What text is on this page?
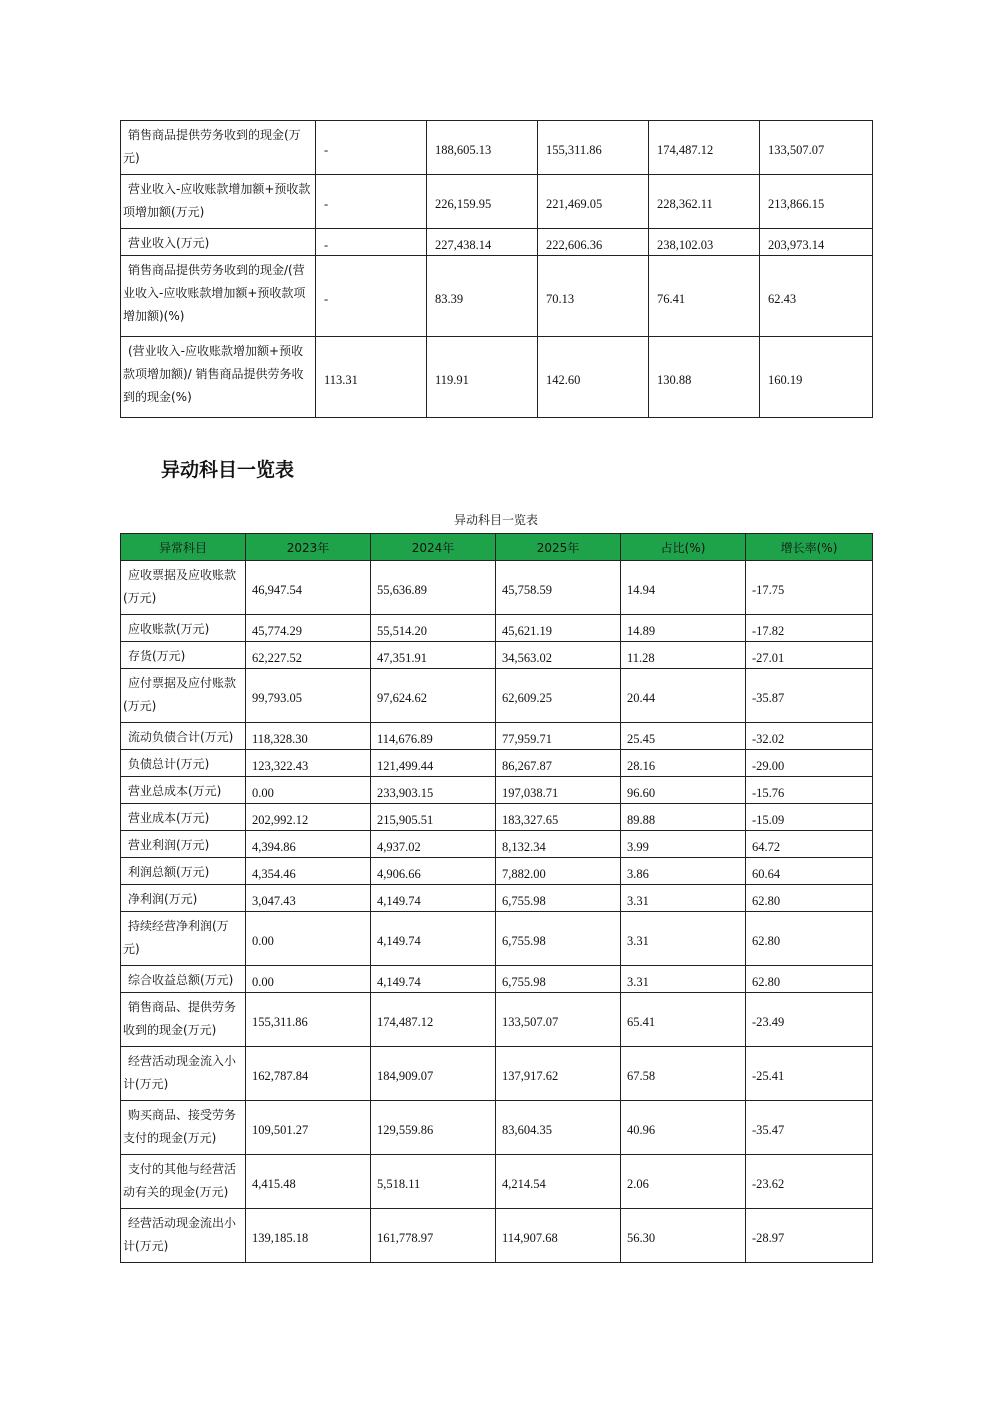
销售商品提供劳务收到的现金(万元)	-	188,605.13	155,311.86	174,487.12	133,507.07
营业收入-应收账款增加额+预收款项增加额(万元)	-	226,159.95	221,469.05	228,362.11	213,866.15
营业收入(万元)	-	227,438.14	222,606.36	238,102.03	203,973.14
销售商品提供劳务收到的现金/(营业收入-应收账款增加额+预收款项增加额)(%)	-	83.39	70.13	76.41	62.43
(营业收入-应收账款增加额+预收款项增加额)/ 销售商品提供劳务收到的现金(%)	113.31	119.91	142.60	130.88	160.19
异动科目一览表
异动科目一览表
异常科目	2023年	2024年	2025年	占比(%)	增长率(%)
应收票据及应收账款(万元)	46,947.54	55,636.89	45,758.59	14.94	-17.75
应收账款(万元)	45,774.29	55,514.20	45,621.19	14.89	-17.82
存货(万元)	62,227.52	47,351.91	34,563.02	11.28	-27.01
应付票据及应付账款(万元)	99,793.05	97,624.62	62,609.25	20.44	-35.87
流动负债合计(万元)	118,328.30	114,676.89	77,959.71	25.45	-32.02
负债总计(万元)	123,322.43	121,499.44	86,267.87	28.16	-29.00
营业总成本(万元)	0.00	233,903.15	197,038.71	96.60	-15.76
营业成本(万元)	202,992.12	215,905.51	183,327.65	89.88	-15.09
营业利润(万元)	4,394.86	4,937.02	8,132.34	3.99	64.72
利润总额(万元)	4,354.46	4,906.66	7,882.00	3.86	60.64
净利润(万元)	3,047.43	4,149.74	6,755.98	3.31	62.80
持续经营净利润(万元)	0.00	4,149.74	6,755.98	3.31	62.80
综合收益总额(万元)	0.00	4,149.74	6,755.98	3.31	62.80
销售商品、提供劳务收到的现金(万元)	155,311.86	174,487.12	133,507.07	65.41	-23.49
经营活动现金流入小计(万元)	162,787.84	184,909.07	137,917.62	67.58	-25.41
购买商品、接受劳务支付的现金(万元)	109,501.27	129,559.86	83,604.35	40.96	-35.47
支付的其他与经营活动有关的现金(万元)	4,415.48	5,518.11	4,214.54	2.06	-23.62
经营活动现金流出小计(万元)	139,185.18	161,778.97	114,907.68	56.30	-28.97
